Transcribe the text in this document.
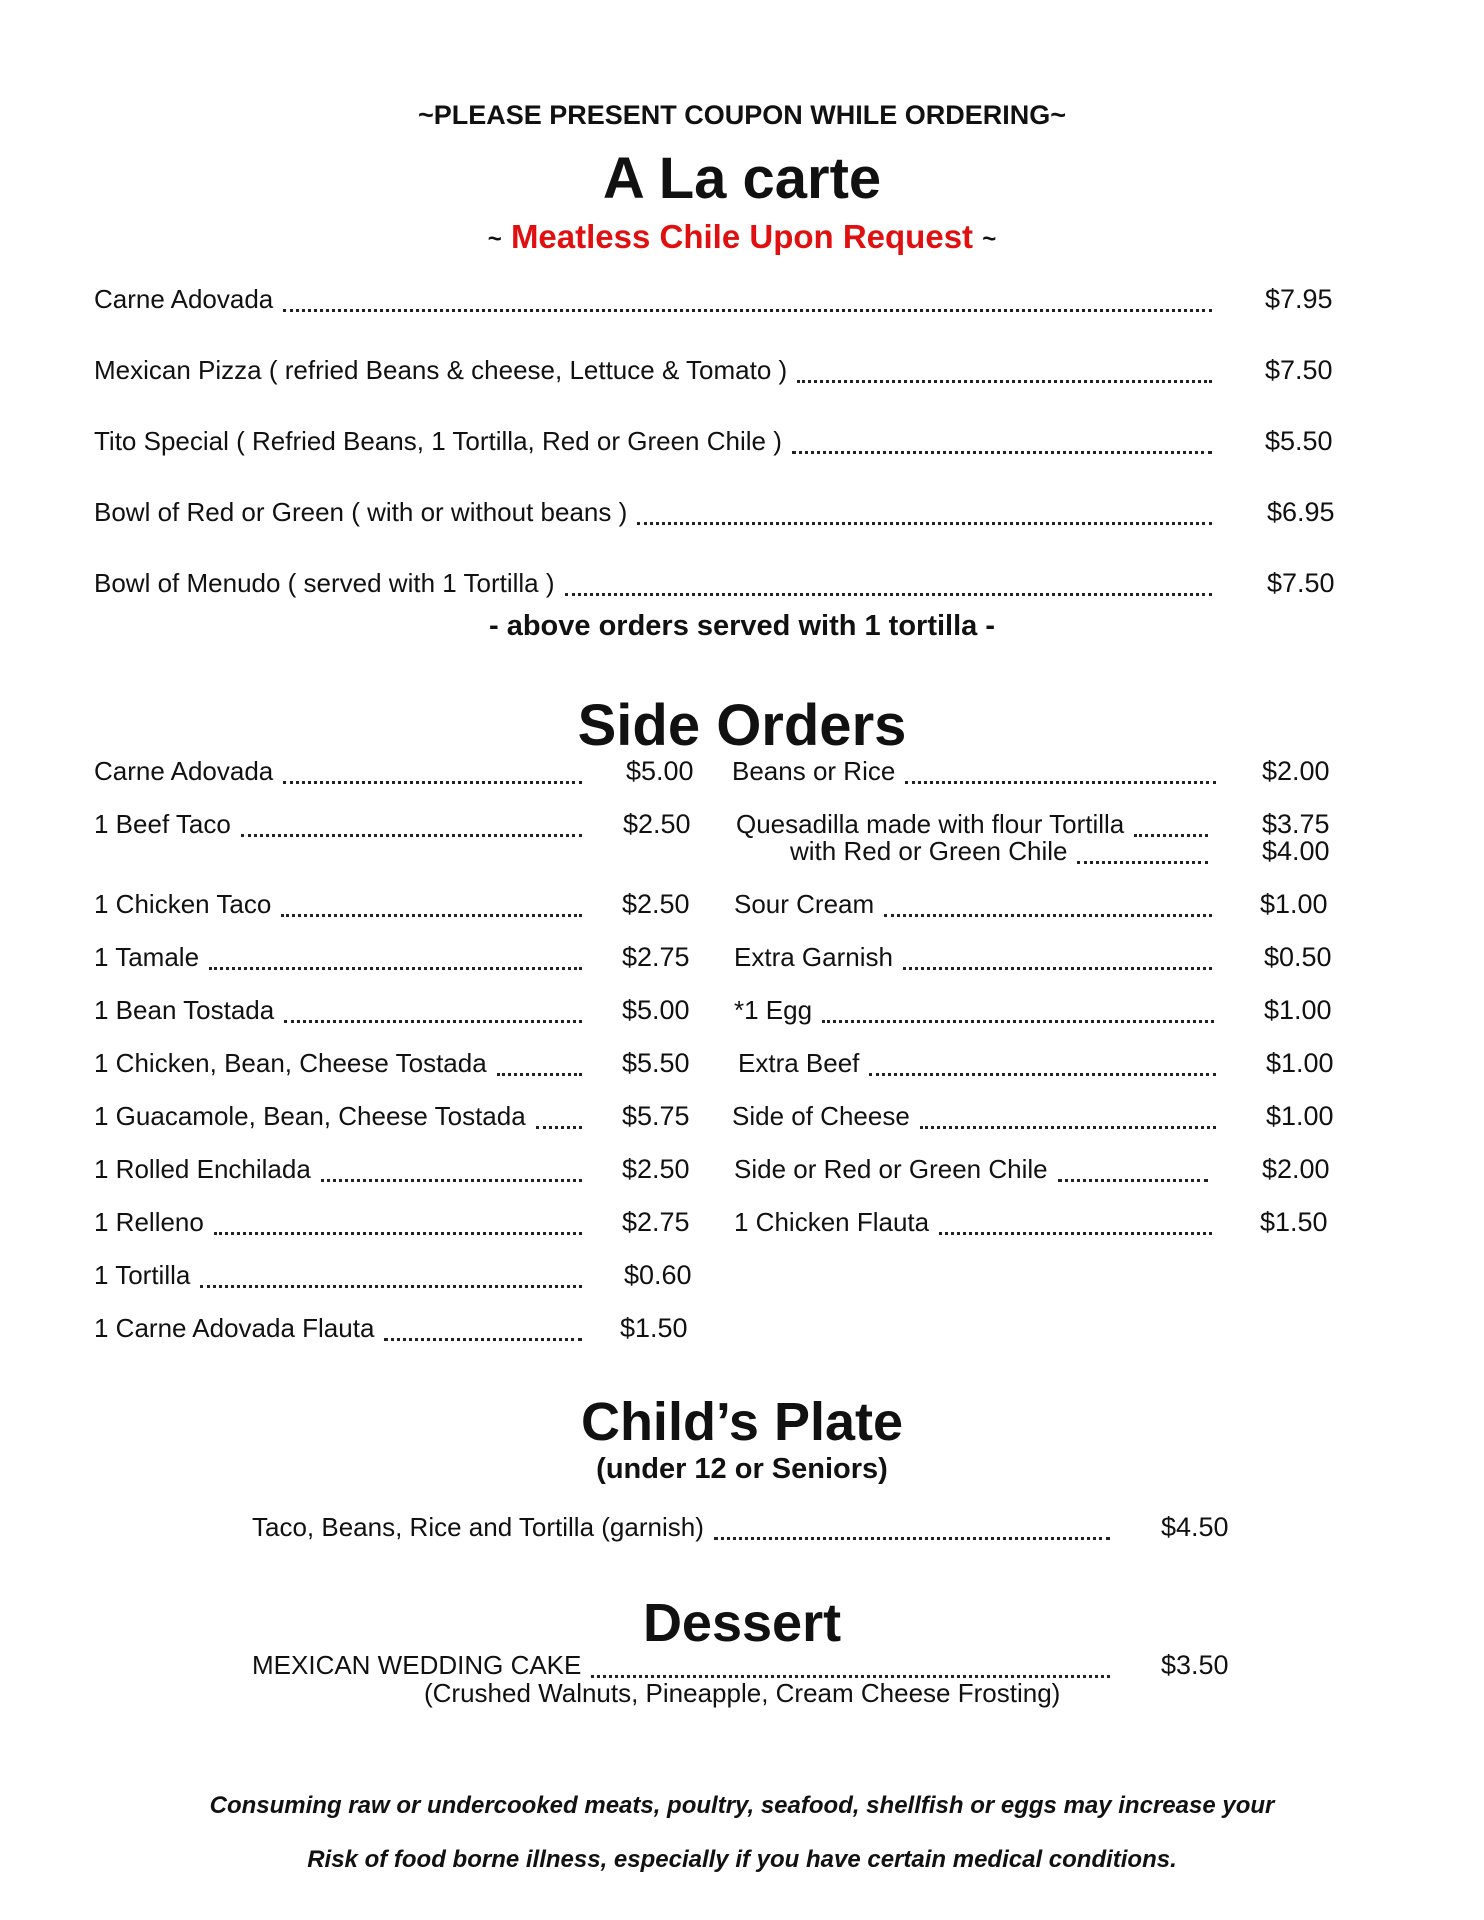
~PLEASE PRESENT COUPON WHILE ORDERING~
A La carte
~ Meatless Chile Upon Request ~
Carne Adovada	$7.95
Mexican Pizza ( refried Beans & cheese, Lettuce & Tomato )	$7.50
Tito Special ( Refried Beans, 1 Tortilla, Red or Green Chile )	$5.50
Bowl of Red or Green ( with or without beans )	$6.95
Bowl of Menudo ( served with 1 Tortilla )	$7.50
- above orders served with 1 tortilla -
Side Orders
Carne Adovada	$5.00
1 Beef Taco	$2.50
1 Chicken Taco	$2.50
1 Tamale	$2.75
1 Bean Tostada	$5.00
1 Chicken, Bean, Cheese Tostada	$5.50
1 Guacamole, Bean, Cheese Tostada	$5.75
1 Rolled Enchilada	$2.50
1 Relleno	$2.75
1 Tortilla	$0.60
1 Carne Adovada Flauta	$1.50
Beans or Rice	$2.00
Quesadilla made with flour Tortilla	$3.75
with Red or Green Chile	$4.00
Sour Cream	$1.00
Extra Garnish	$0.50
*1 Egg	$1.00
Extra Beef	$1.00
Side of Cheese	$1.00
Side or Red or Green Chile	$2.00
1 Chicken Flauta	$1.50
Child’s Plate
(under 12 or Seniors)
Taco, Beans, Rice and Tortilla (garnish)	$4.50
Dessert
MEXICAN WEDDING CAKE	$3.50
(Crushed Walnuts, Pineapple, Cream Cheese Frosting)
Consuming raw or undercooked meats, poultry, seafood, shellfish or eggs may increase your
Risk of food borne illness, especially if you have certain medical conditions.
